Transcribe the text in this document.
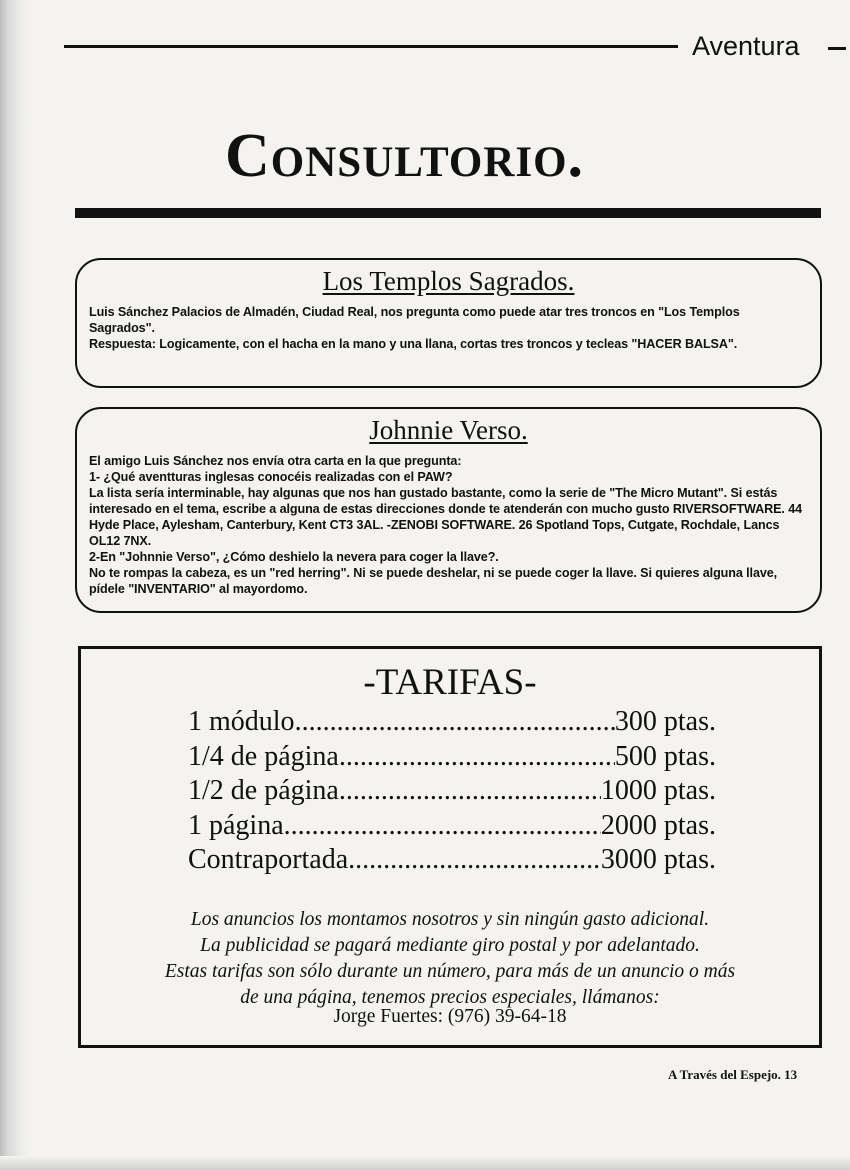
Aventura
Consultorio.
Los Templos Sagrados.

Luis Sánchez Palacios de Almadén, Ciudad Real, nos pregunta como puede atar tres troncos en "Los Templos Sagrados".

Respuesta: Logicamente, con el hacha en la mano y una llana, cortas tres troncos y tecleas "HACER BALSA".

Johnnie Verso.

El amigo Luis Sánchez nos envía otra carta en la que pregunta:

1- ¿Qué aventturas inglesas conocéis realizadas con el PAW?

La lista sería interminable, hay algunas que nos han gustado bastante, como la serie de "The Micro Mutant". Si estás interesado en el tema, escribe a alguna de estas direcciones donde te atenderán con mucho gusto RIVERSOFTWARE. 44 Hyde Place, Aylesham, Canterbury, Kent CT3 3AL. -ZENOBI SOFTWARE. 26 Spotland Tops, Cutgate, Rochdale, Lancs OL12 7NX.

2-En "Johnnie Verso", ¿Cómo deshielo la nevera para coger la llave?.

No te rompas la cabeza, es un "red herring". Ni se puede deshelar, ni se puede coger la llave. Si quieres alguna llave, pídele "INVENTARIO" al mayordomo.

-TARIFAS-
1 módulo .....	300 ptas.
1/4 de página .....	500 ptas.
1/2 de página .....	1000 ptas.
1 página .....	2000 ptas.
Contraportada .....	3000 ptas.
Los anuncios los montamos nosotros y sin ningún gasto adicional.
La publicidad se pagará mediante giro postal y por adelantado.
Estas tarifas son sólo durante un número, para más de un anuncio o más
de una página, tenemos precios especiales, llámanos:
Jorge Fuertes: (976) 39-64-18
A Través del Espejo. 13
